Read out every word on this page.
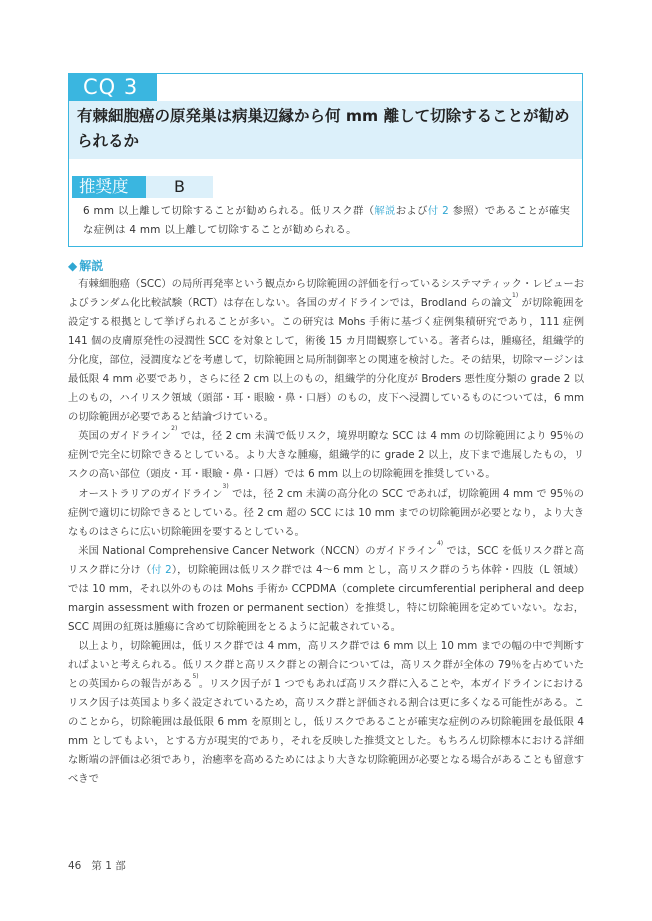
CQ 3
有棘細胞癌の原発巣は病巣辺縁から何 mm 離して切除することが勧められるか
推奨度	B
6 mm 以上離して切除することが勧められる。低リスク群（解説および付 2 参照）であることが確実な症例は 4 mm 以上離して切除することが勧められる。
◆ 解説

有棘細胞癌（SCC）の局所再発率という観点から切除範囲の評価を行っているシステマティック・レビューおよびランダム化比較試験（RCT）は存在しない。各国のガイドラインでは，Brodland らの論文$^{1)}$ が切除範囲を設定する根拠として挙げられることが多い。この研究は Mohs 手術に基づく症例集積研究であり，111 症例 141 個の皮膚原発性の浸潤性 SCC を対象として，術後 15 カ月間観察している。著者らは，腫瘍径，組織学的分化度，部位，浸潤度などを考慮して，切除範囲と局所制御率との関連を検討した。その結果，切除マージンは最低限 4 mm 必要であり，さらに径 2 cm 以上のもの，組織学的分化度が Broders 悪性度分類の grade 2 以上のもの，ハイリスク領域（頭部・耳・眼瞼・鼻・口唇）のもの，皮下へ浸潤しているものについては，6 mm の切除範囲が必要であると結論づけている。

英国のガイドライン$^{2)}$ では，径 2 cm 未満で低リスク，境界明瞭な SCC は 4 mm の切除範囲により 95％の症例で完全に切除できるとしている。より大きな腫瘍，組織学的に grade 2 以上，皮下まで進展したもの，リスクの高い部位（頭皮・耳・眼瞼・鼻・口唇）では 6 mm 以上の切除範囲を推奨している。

オーストラリアのガイドライン$^{3)}$ では，径 2 cm 未満の高分化の SCC であれば，切除範囲 4 mm で 95％の症例で適切に切除できるとしている。径 2 cm 超の SCC には 10 mm までの切除範囲が必要となり，より大きなものはさらに広い切除範囲を要するとしている。

米国 National Comprehensive Cancer Network（NCCN）のガイドライン$^{4)}$ では，SCC を低リスク群と高リスク群に分け（付 2），切除範囲は低リスク群では 4～6 mm とし，高リスク群のうち体幹・四肢（L 領域）では 10 mm，それ以外のものは Mohs 手術か CCPDMA（complete circumferential peripheral and deep margin assessment with frozen or permanent section）を推奨し，特に切除範囲を定めていない。なお，SCC 周囲の紅斑は腫瘍に含めて切除範囲をとるように記載されている。

以上より，切除範囲は，低リスク群では 4 mm，高リスク群では 6 mm 以上 10 mm までの幅の中で判断すればよいと考えられる。低リスク群と高リスク群との割合については，高リスク群が全体の 79％を占めていたとの英国からの報告がある$^{5)}$。リスク因子が 1 つでもあれば高リスク群に入ることや，本ガイドラインにおけるリスク因子は英国より多く設定されているため，高リスク群と評価される割合は更に多くなる可能性がある。このことから，切除範囲は最低限 6 mm を原則とし，低リスクであることが確実な症例のみ切除範囲を最低限 4 mm としてもよい，とする方が現実的であり，それを反映した推奨文とした。もちろん切除標本における詳細な断端の評価は必須であり，治癒率を高めるためにはより大きな切除範囲が必要となる場合があることも留意すべきで

46 第 1 部
